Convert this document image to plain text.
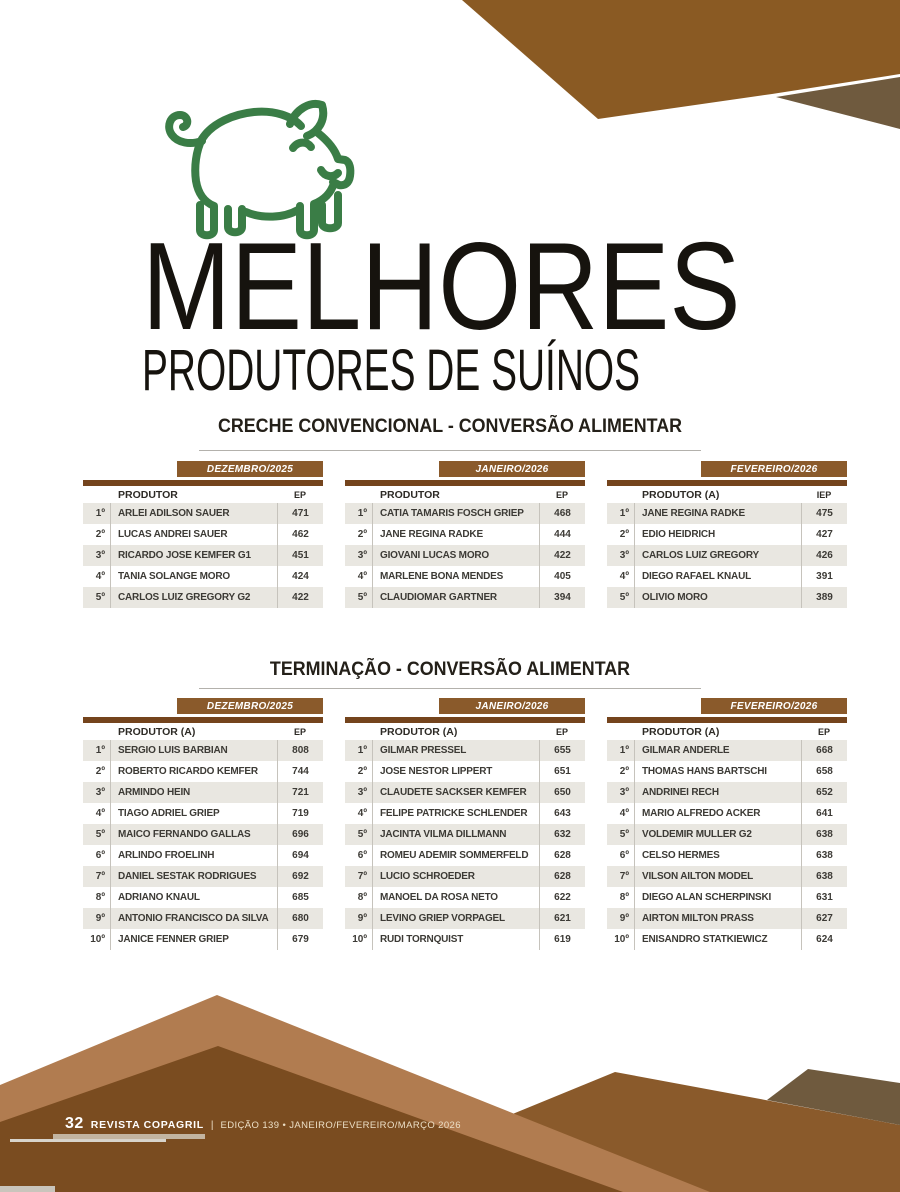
MELHORES
PRODUTORES DE SUÍNOS
CRECHE CONVENCIONAL - CONVERSÃO ALIMENTAR
DEZEMBRO/2025
PRODUTOR	EP
1º	ARLEI ADILSON SAUER	471
2º	LUCAS ANDREI SAUER	462
3º	RICARDO JOSE KEMFER G1	451
4º	TANIA SOLANGE MORO	424
5º	CARLOS LUIZ GREGORY G2	422
JANEIRO/2026
PRODUTOR	EP
1º	CATIA TAMARIS FOSCH GRIEP	468
2º	JANE REGINA RADKE	444
3º	GIOVANI LUCAS MORO	422
4º	MARLENE BONA MENDES	405
5º	CLAUDIOMAR GARTNER	394
FEVEREIRO/2026
PRODUTOR (A)	IEP
1º	JANE REGINA RADKE	475
2º	EDIO HEIDRICH	427
3º	CARLOS LUIZ GREGORY	426
4º	DIEGO RAFAEL KNAUL	391
5º	OLIVIO MORO	389
TERMINAÇÃO - CONVERSÃO ALIMENTAR
DEZEMBRO/2025
PRODUTOR (A)	EP
1º	SERGIO LUIS BARBIAN	808
2º	ROBERTO RICARDO KEMFER	744
3º	ARMINDO HEIN	721
4º	TIAGO ADRIEL GRIEP	719
5º	MAICO FERNANDO GALLAS	696
6º	ARLINDO FROELINH	694
7º	DANIEL SESTAK RODRIGUES	692
8º	ADRIANO KNAUL	685
9º	ANTONIO FRANCISCO DA SILVA	680
10º	JANICE FENNER GRIEP	679
JANEIRO/2026
PRODUTOR (A)	EP
1º	GILMAR PRESSEL	655
2º	JOSE NESTOR LIPPERT	651
3º	CLAUDETE SACKSER KEMFER	650
4º	FELIPE PATRICKE SCHLENDER	643
5º	JACINTA VILMA DILLMANN	632
6º	ROMEU ADEMIR SOMMERFELD	628
7º	LUCIO SCHROEDER	628
8º	MANOEL DA ROSA NETO	622
9º	LEVINO GRIEP VORPAGEL	621
10º	RUDI TORNQUIST	619
FEVEREIRO/2026
PRODUTOR (A)	EP
1º	GILMAR ANDERLE	668
2º	THOMAS HANS BARTSCHI	658
3º	ANDRINEI RECH	652
4º	MARIO ALFREDO ACKER	641
5º	VOLDEMIR MULLER G2	638
6º	CELSO HERMES	638
7º	VILSON AILTON MODEL	638
8º	DIEGO ALAN SCHERPINSKI	631
9º	AIRTON MILTON PRASS	627
10º	ENISANDRO STATKIEWICZ	624
32 REVISTA COPAGRIL | EDIÇÃO 139 • JANEIRO/FEVEREIRO/MARÇO 2026
